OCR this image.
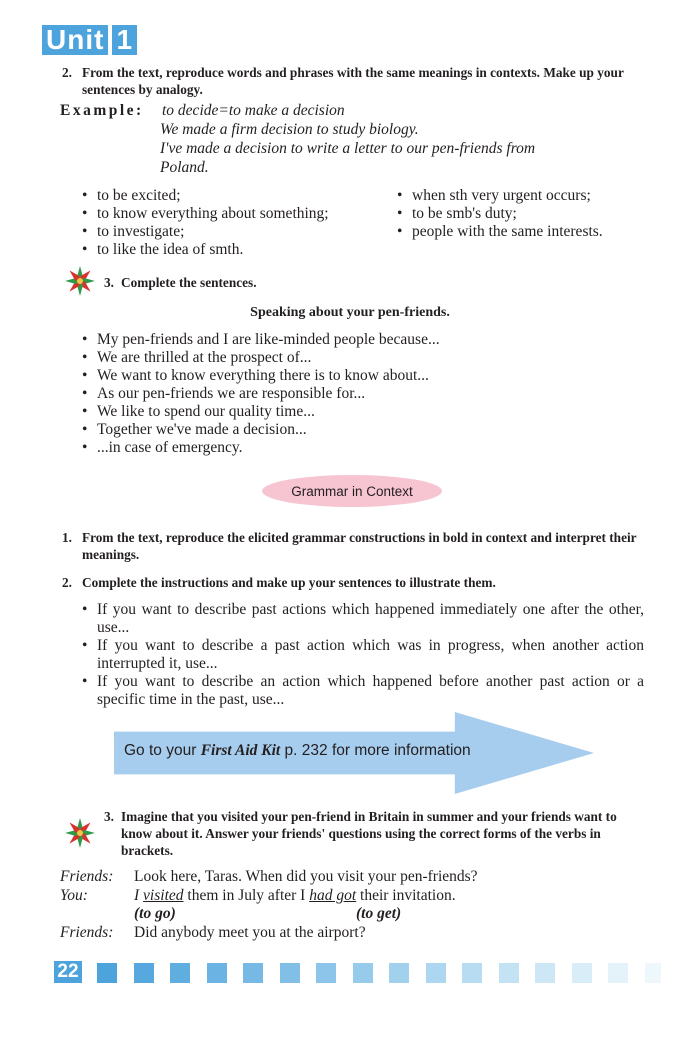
Unit 1
2. From the text, reproduce words and phrases with the same meanings in contexts. Make up your sentences by analogy.
Example: to decide=to make a decision
We made a firm decision to study biology.
I've made a decision to write a letter to our pen-friends from
Poland.
• to be excited;
• to know everything about something;
• to investigate;
• to like the idea of smth.
• when sth very urgent occurs;
• to be smb's duty;
• people with the same interests.
3. Complete the sentences.
Speaking about your pen-friends.
• My pen-friends and I are like-minded people because...
• We are thrilled at the prospect of...
• We want to know everything there is to know about...
• As our pen-friends we are responsible for...
• We like to spend our quality time...
• Together we've made a decision...
• ...in case of emergency.
Grammar in Context
1. From the text, reproduce the elicited grammar constructions in bold in context and interpret their meanings.
2. Complete the instructions and make up your sentences to illustrate them.
• If you want to describe past actions which happened immediately one after the other, use...
• If you want to describe a past action which was in progress, when another action interrupted it, use...
• If you want to describe an action which happened before another past action or a specific time in the past, use...
Go to your First Aid Kit p. 232 for more information
3. Imagine that you visited your pen-friend in Britain in summer and your friends want to know about it. Answer your friends' questions using the correct forms of the verbs in brackets.
Friends: Look here, Taras. When did you visit your pen-friends?
You:	I visited them in July after I had got their invitation.
(to go)	(to get)
Friends: Did anybody meet you at the airport?
22
